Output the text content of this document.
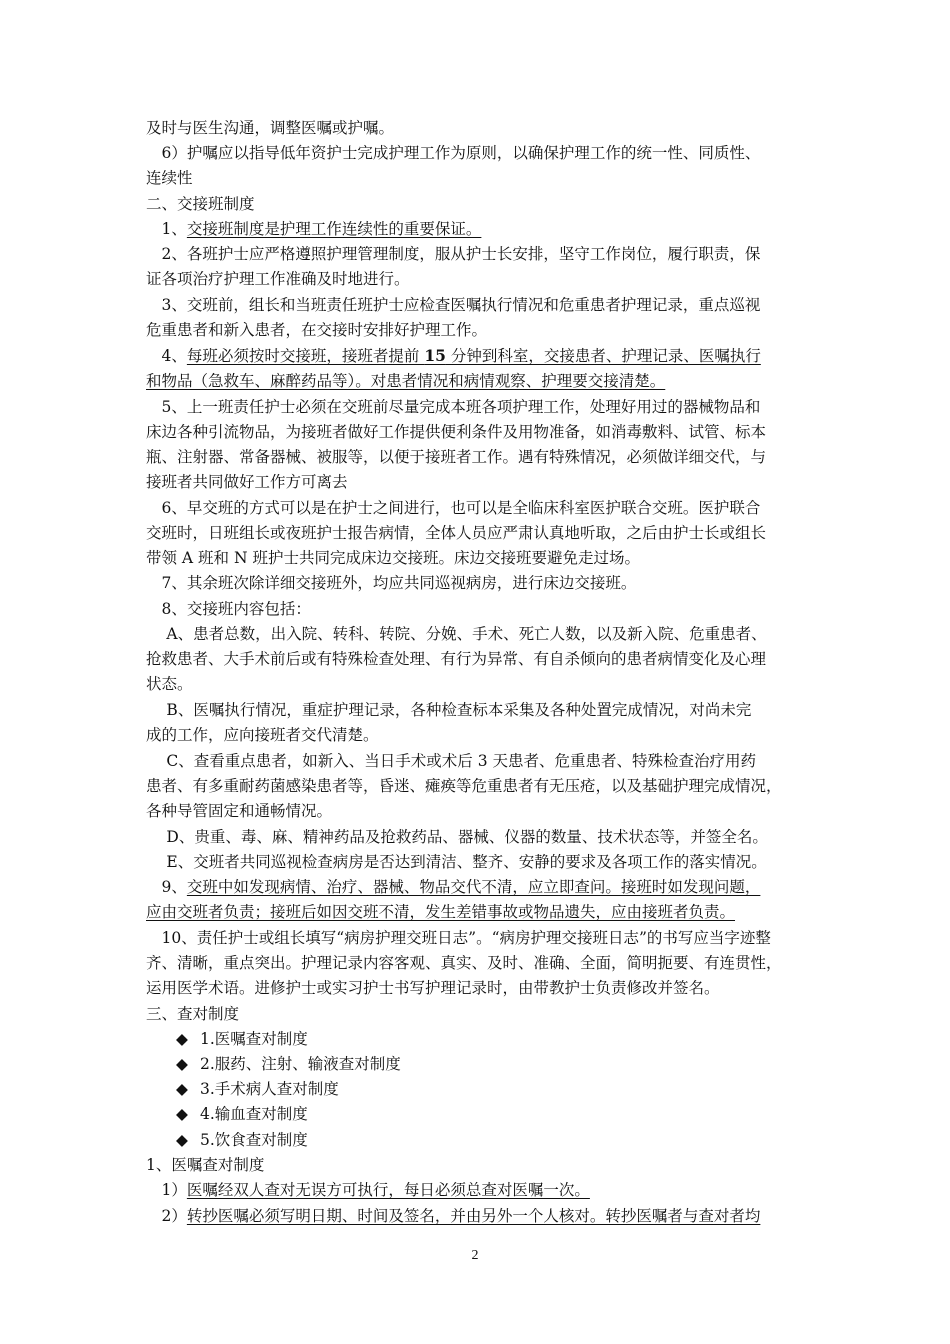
及时与医生沟通，调整医嘱或护嘱。
　6）护嘱应以指导低年资护士完成护理工作为原则，以确保护理工作的统一性、同质性、
连续性
二、交接班制度
　1、交接班制度是护理工作连续性的重要保证。
　2、各班护士应严格遵照护理管理制度，服从护士长安排，坚守工作岗位，履行职责，保
证各项治疗护理工作准确及时地进行。
　3、交班前，组长和当班责任班护士应检查医嘱执行情况和危重患者护理记录，重点巡视
危重患者和新入患者，在交接时安排好护理工作。
　4、每班必须按时交接班，接班者提前 15 分钟到科室，交接患者、护理记录、医嘱执行
和物品（急救车、麻醉药品等）。对患者情况和病情观察、护理要交接清楚。
　5、上一班责任护士必须在交班前尽量完成本班各项护理工作，处理好用过的器械物品和
床边各种引流物品，为接班者做好工作提供便利条件及用物准备，如消毒敷料、试管、标本
瓶、注射器、常备器械、被服等，以便于接班者工作。遇有特殊情况，必须做详细交代，与
接班者共同做好工作方可离去
　6、早交班的方式可以是在护士之间进行，也可以是全临床科室医护联合交班。医护联合
交班时，日班组长或夜班护士报告病情，全体人员应严肃认真地听取，之后由护士长或组长
带领 A 班和 N 班护士共同完成床边交接班。床边交接班要避免走过场。
　7、其余班次除详细交接班外，均应共同巡视病房，进行床边交接班。
　8、交接班内容包括：
　 A、患者总数，出入院、转科、转院、分娩、手术、死亡人数，以及新入院、危重患者、
抢救患者、大手术前后或有特殊检查处理、有行为异常、有自杀倾向的患者病情变化及心理
状态。
　 B、医嘱执行情况，重症护理记录，各种检查标本采集及各种处置完成情况，对尚未完
成的工作，应向接班者交代清楚。
　 C、查看重点患者，如新入、当日手术或术后 3 天患者、危重患者、特殊检查治疗用药
患者、有多重耐药菌感染患者等，昏迷、瘫痪等危重患者有无压疮，以及基础护理完成情况，
各种导管固定和通畅情况。
　 D、贵重、毒、麻、精神药品及抢救药品、器械、仪器的数量、技术状态等，并签全名。
　 E、交班者共同巡视检查病房是否达到清洁、整齐、安静的要求及各项工作的落实情况。
　9、交班中如发现病情、治疗、器械、物品交代不清，应立即查问。接班时如发现问题，
应由交班者负责；接班后如因交班不清，发生差错事故或物品遗失，应由接班者负责。
　10、责任护士或组长填写“病房护理交班日志”。“病房护理交接班日志”的书写应当字迹整
齐、清晰，重点突出。护理记录内容客观、真实、及时、准确、全面，简明扼要、有连贯性，
运用医学术语。进修护士或实习护士书写护理记录时，由带教护士负责修改并签名。
三、查对制度
◆ 1.医嘱查对制度
◆ 2.服药、注射、输液查对制度
◆ 3.手术病人查对制度
◆ 4.输血查对制度
◆ 5.饮食查对制度
1、医嘱查对制度
　1）医嘱经双人查对无误方可执行，每日必须总查对医嘱一次。
　2）转抄医嘱必须写明日期、时间及签名，并由另外一个人核对。转抄医嘱者与查对者均
2
